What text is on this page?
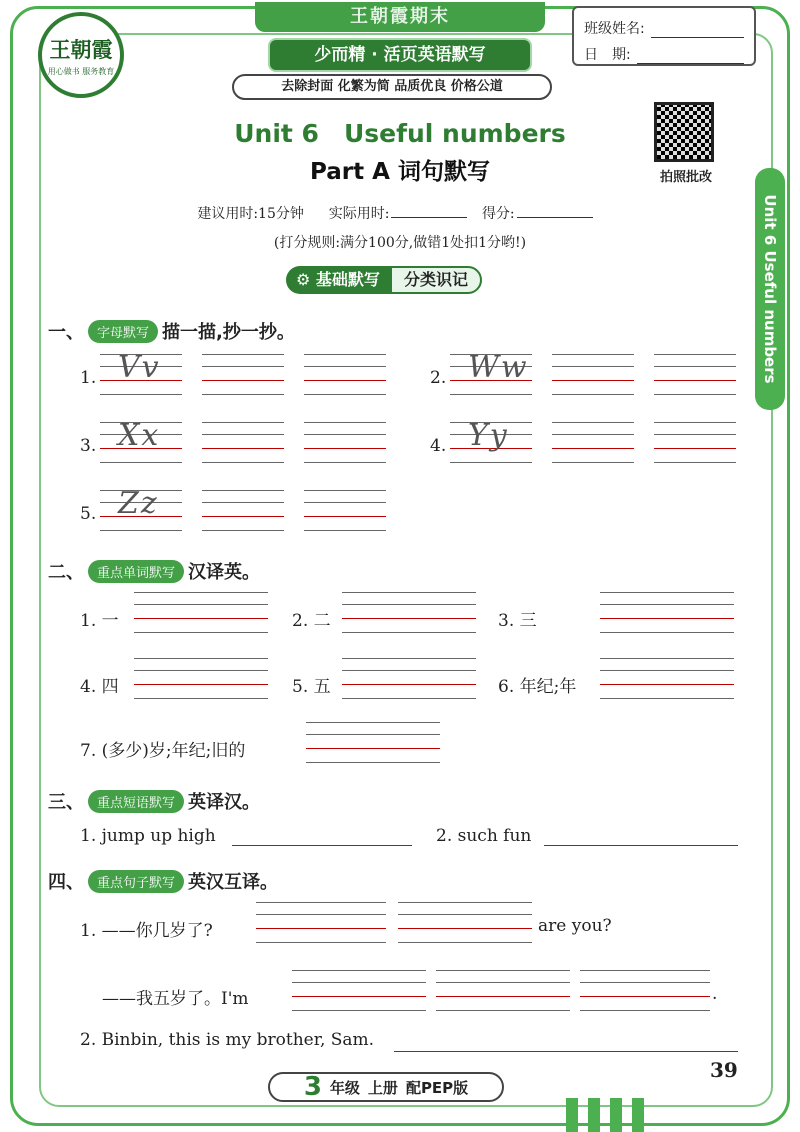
王朝霞
用心做书 服务教育
王朝霞期末
少而精 · 活页英语默写
去除封面 化繁为简 品质优良 价格公道
班级姓名:
日　期:
拍照批改
Unit 6 Useful numbers
Unit 6　Useful numbers
Part A 词句默写
建议用时:15分钟 实际用时:	得分:
(打分规则:满分100分,做错1处扣1分哟!)
⚙ 基础默写	分类识记
一、	字母默写 描一描,抄一抄。
1. Vv	2. Ww
3. Xx	4. Yy
5. Zz
二、	重点单词默写 汉译英。
1. 一	2. 二	3. 三
4. 四	5. 五	6. 年纪;年
7. (多少)岁;年纪;旧的
三、	重点短语默写 英译汉。
1. jump up high	2. such fun
四、	重点句子默写 英汉互译。
1. ——你几岁了?	are you?
——我五岁了。I'm	.
2. Binbin, this is my brother, Sam.
39
3 年级 上册 配PEP版
